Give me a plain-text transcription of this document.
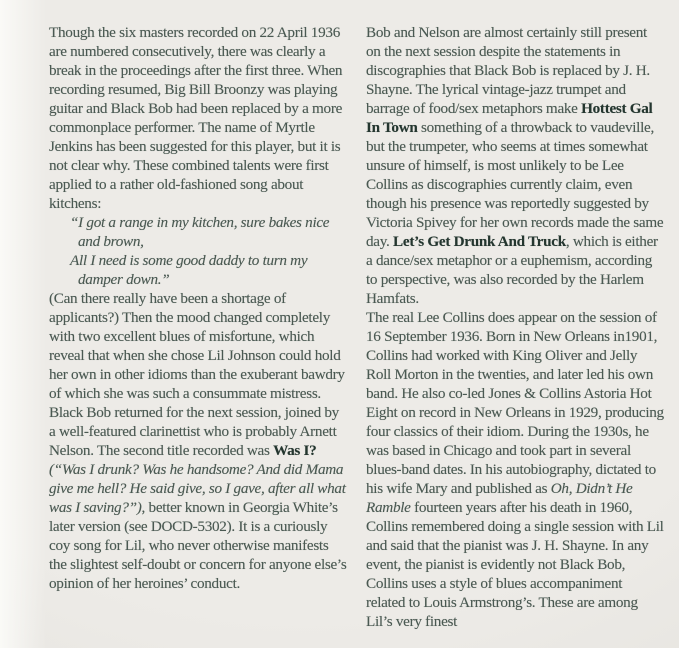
Though the six masters recorded on 22 April 1936 are numbered consecutively, there was clearly a break in the proceedings after the first three. When recording resumed, Big Bill Broonzy was playing guitar and Black Bob had been replaced by a more commonplace performer. The name of Myrtle Jenkins has been suggested for this player, but it is not clear why. These combined talents were first applied to a rather old-fashioned song about kitchens:

“I got a range in my kitchen, sure bakes nice and brown,

All I need is some good daddy to turn my damper down.”

(Can there really have been a shortage of applicants?) Then the mood changed completely with two excellent blues of misfortune, which reveal that when she chose Lil Johnson could hold her own in other idioms than the exuberant bawdry of which she was such a consummate mistress.

Black Bob returned for the next session, joined by a well-featured clarinettist who is probably Arnett Nelson. The second title recorded was Was I? (“Was I drunk? Was he handsome? And did Mama give me hell? He said give, so I gave, after all what was I saving?”), better known in Georgia White’s later version (see DOCD-5302). It is a curiously coy song for Lil, who never otherwise manifests the slightest self-doubt or concern for anyone else’s opinion of her heroines’ conduct.

Bob and Nelson are almost certainly still present on the next session despite the statements in discographies that Black Bob is replaced by J. H. Shayne. The lyrical vintage-jazz trumpet and barrage of food/sex metaphors make Hottest Gal In Town something of a throwback to vaudeville, but the trumpeter, who seems at times somewhat unsure of himself, is most unlikely to be Lee Collins as discographies currently claim, even though his presence was reportedly suggested by Victoria Spivey for her own records made the same day. Let’s Get Drunk And Truck, which is either a dance/sex metaphor or a euphemism, according to perspective, was also recorded by the Harlem Hamfats.

The real Lee Collins does appear on the session of 16 September 1936. Born in New Orleans in1901, Collins had worked with King Oliver and Jelly Roll Morton in the twenties, and later led his own band. He also co-led Jones & Collins Astoria Hot Eight on record in New Orleans in 1929, producing four classics of their idiom. During the 1930s, he was based in Chicago and took part in several blues-band dates. In his autobiography, dictated to his wife Mary and published as Oh, Didn’t He Ramble fourteen years after his death in 1960, Collins remembered doing a single session with Lil and said that the pianist was J. H. Shayne. In any event, the pianist is evidently not Black Bob, Collins uses a style of blues accompaniment related to Louis Armstrong’s. These are among Lil’s very finest
